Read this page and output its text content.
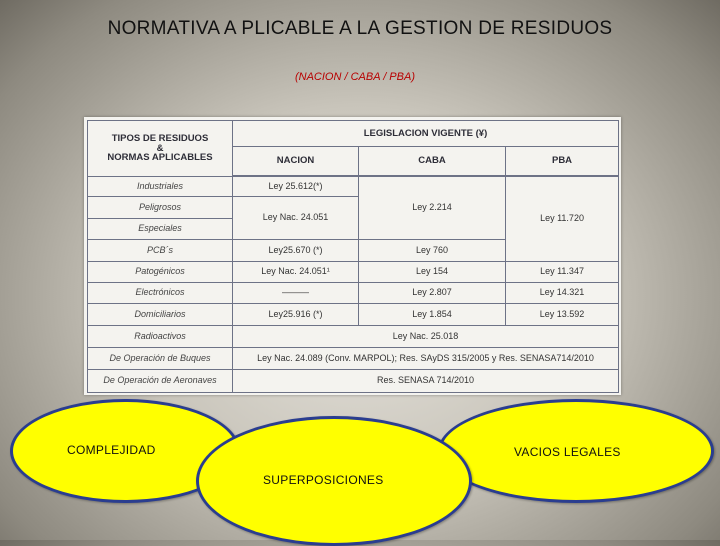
NORMATIVA A PLICABLE A LA GESTION DE RESIDUOS
(NACION / CABA / PBA)
TIPOS DE RESIDUOS
&
NORMAS APLICABLES	LEGISLACION VIGENTE (¥)		
	NACION	CABA	PBA

Industriales	Ley 25.612(*)	Ley 2.214	Ley 11.720
Peligrosos	Ley Nac. 24.051		
Especiales			
PCB´s	Ley25.670 (*)	Ley 760	
Patogénicos	Ley Nac. 24.051¹	Ley 154	Ley 11.347
Electrónicos	———	Ley 2.807	Ley 14.321
Domiciliarios	Ley25.916 (*)	Ley 1.854	Ley 13.592
Radioactivos	Ley Nac. 25.018		
De Operación de Buques	Ley Nac. 24.089 (Conv. MARPOL); Res. SAyDS 315/2005 y Res. SENASA714/2010		
De Operación de Aeronaves	Res. SENASA 714/2010		
COMPLEJIDAD	VACIOS LEGALES
SUPERPOSICIONES
